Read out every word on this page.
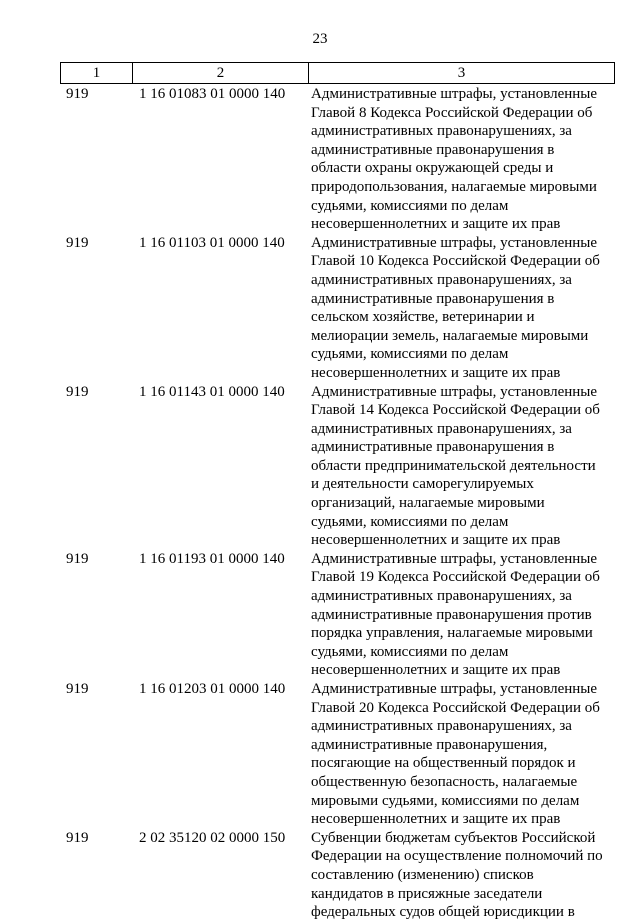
23
1	2	3
919	1 16 01083 01 0000 140 Административные штрафы, установленные
Главой 8 Кодекса Российской Федерации об
административных правонарушениях, за
административные правонарушения в
области охраны окружающей среды и
природопользования, налагаемые мировыми
судьями, комиссиями по делам
несовершеннолетних и защите их прав
919	1 16 01103 01 0000 140 Административные штрафы, установленные
Главой 10 Кодекса Российской Федерации об
административных правонарушениях, за
административные правонарушения в
сельском хозяйстве, ветеринарии и
мелиорации земель, налагаемые мировыми
судьями, комиссиями по делам
несовершеннолетних и защите их прав
919	1 16 01143 01 0000 140 Административные штрафы, установленные
Главой 14 Кодекса Российской Федерации об
административных правонарушениях, за
административные правонарушения в
области предпринимательской деятельности
и деятельности саморегулируемых
организаций, налагаемые мировыми
судьями, комиссиями по делам
несовершеннолетних и защите их прав
919	1 16 01193 01 0000 140 Административные штрафы, установленные
Главой 19 Кодекса Российской Федерации об
административных правонарушениях, за
административные правонарушения против
порядка управления, налагаемые мировыми
судьями, комиссиями по делам
несовершеннолетних и защите их прав
919	1 16 01203 01 0000 140 Административные штрафы, установленные
Главой 20 Кодекса Российской Федерации об
административных правонарушениях, за
административные правонарушения,
посягающие на общественный порядок и
общественную безопасность, налагаемые
мировыми судьями, комиссиями по делам
несовершеннолетних и защите их прав
919	2 02 35120 02 0000 150 Субвенции бюджетам субъектов Российской
Федерации на осуществление полномочий по
составлению (изменению) списков
кандидатов в присяжные заседатели
федеральных судов общей юрисдикции в
